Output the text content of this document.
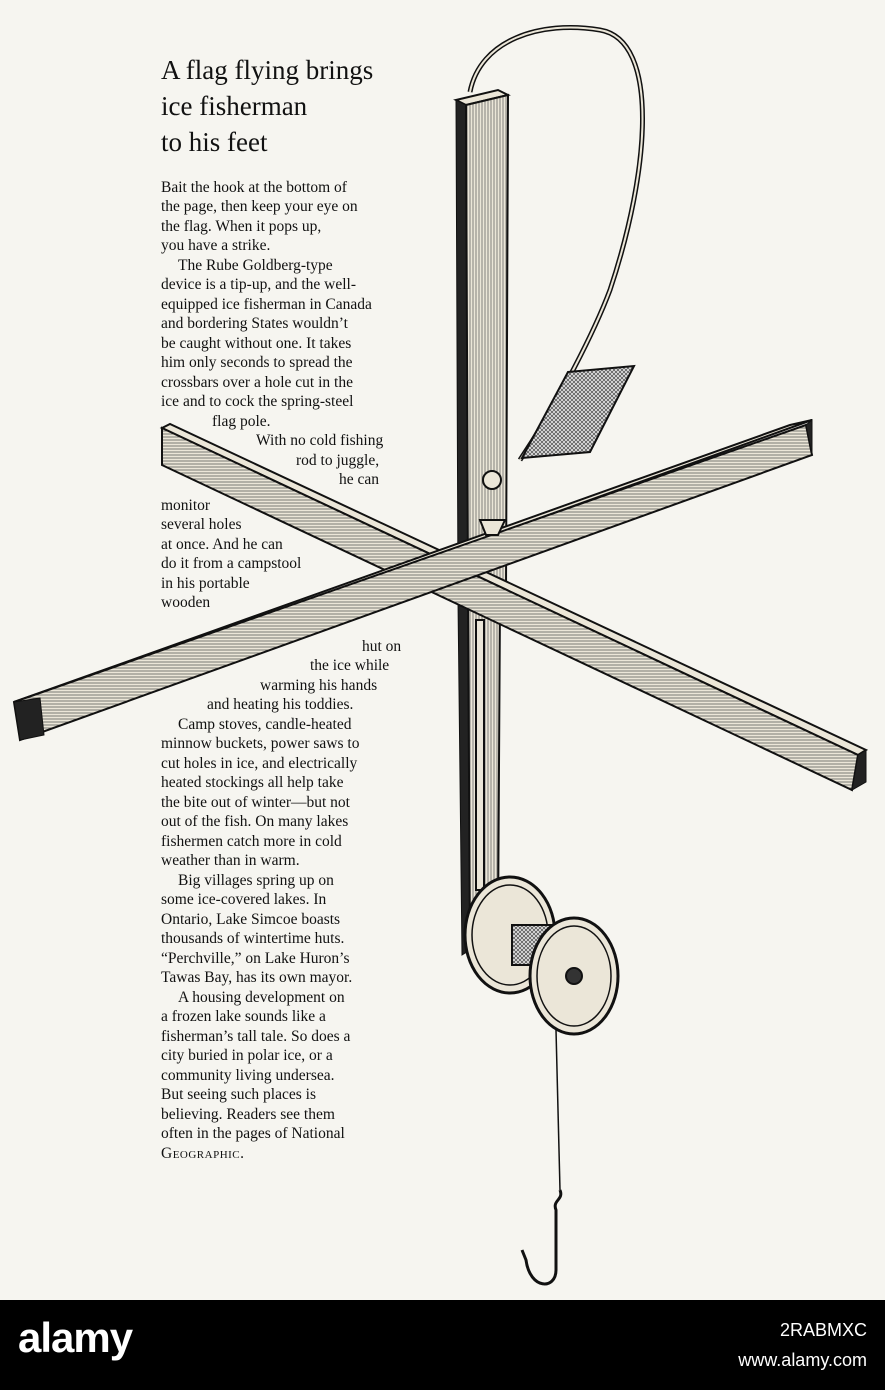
A flag flying brings
ice fisherman
to his feet
Bait the hook at the bottom of
the page, then keep your eye on
the flag. When it pops up,
you have a strike.
The Rube Goldberg-type
device is a tip-up, and the well-
equipped ice fisherman in Canada
and bordering States wouldn’t
be caught without one. It takes
him only seconds to spread the
crossbars over a hole cut in the
ice and to cock the spring-steel
flag pole.
With no cold fishing
rod to juggle,
he can
monitor
several holes
at once. And he can
do it from a campstool
in his portable
wooden
hut on
the ice while
warming his hands
and heating his toddies.
Camp stoves, candle-heated
minnow buckets, power saws to
cut holes in ice, and electrically
heated stockings all help take
the bite out of winter—but not
out of the fish. On many lakes
fishermen catch more in cold
weather than in warm.
Big villages spring up on
some ice-covered lakes. In
Ontario, Lake Simcoe boasts
thousands of wintertime huts.
“Perchville,” on Lake Huron’s
Tawas Bay, has its own mayor.
A housing development on
a frozen lake sounds like a
fisherman’s tall tale. So does a
city buried in polar ice, or a
community living undersea.
But seeing such places is
believing. Readers see them
often in the pages of National
Geographic.
alamy	2RABMXC
www.alamy.com
